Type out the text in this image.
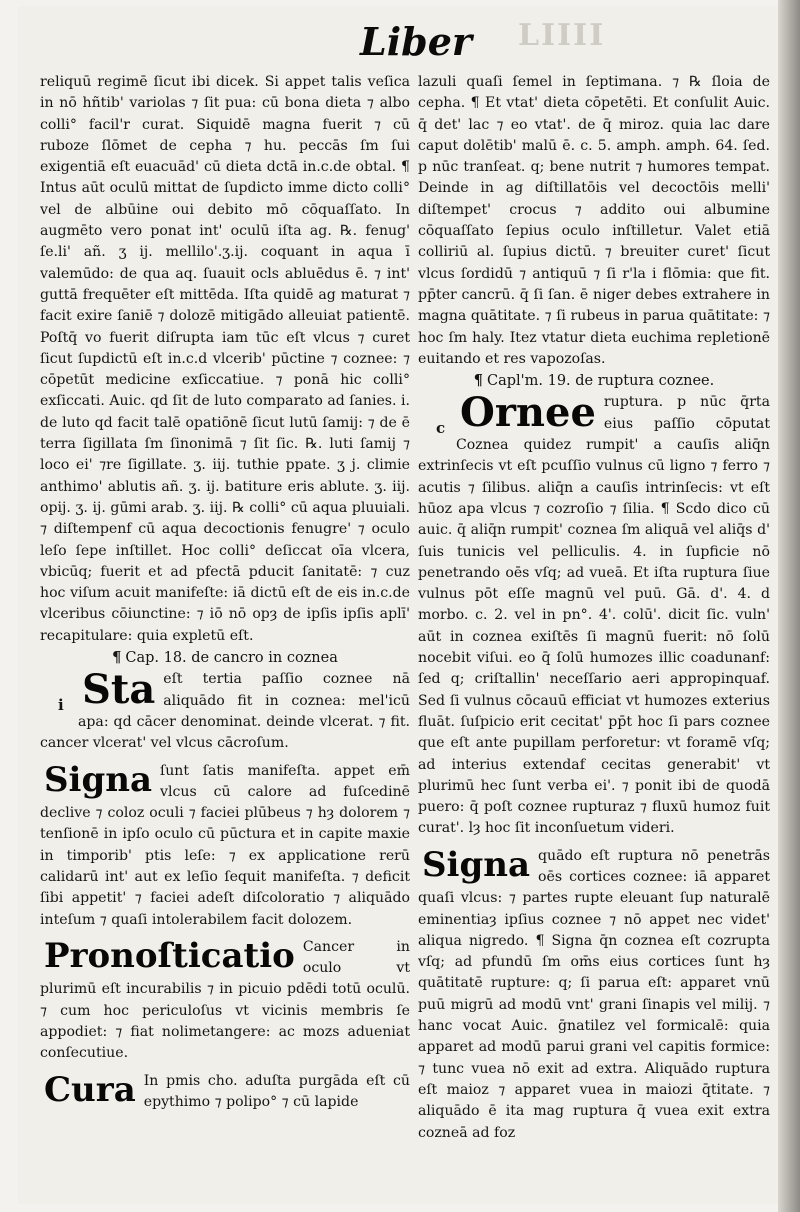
LIIII
Liber

reliquū regimē ſicut ibi dicek. Si appet talis veſica in nō hñtib' variolas ⁊ ſit pua: cū bona dieta ⁊ albo colli° facil'r curat. Siquidē magna fuerit ⁊ cū ruboze ſlōmet de cepha ⁊ hu. peccās ſm ſui exigentiā eſt euacuād' cū dieta dctā in.c.de obtal. ¶ Intus aūt oculū mittat de ſupdicto imme dicto colli° vel de albūine oui debito mō cōquaſſato. In augmēto vero ponat int' oculū iſta ag. ℞. fenug' ſe.li' añ. ʒ ij. mellilo'.ʒ.ij. coquant in aqua ī valemūdo: de qua aq. ſuauit ocls abluēdus ē. ⁊ int' guttā frequēter eſt mittēda. Iſta quidē ag maturat ⁊ facit exire ſaniē ⁊ dolozē mitigādo alleuiat patientē. Poſtq̄ vo fuerit diſrupta iam tūc eſt vlcus ⁊ curet ſicut ſupdictū eſt in.c.d vlcerib' pūctine ⁊ coznee: ⁊ cōpetūt medicine exſiccatiue. ⁊ ponā hic colli° exſiccati. Auic. qd ſit de luto comparato ad ſanies. i. de luto qd facit talē opatiōnē ſicut lutū ſamij: ⁊ de ē terra ſigillata ſm ſinonimā ⁊ ſit ſic. ℞. luti ſamij ⁊ loco ei' ⁊re ſigillate. ʒ. iij. tuthie ppate. ʒ j. climie anthimo' ablutis añ. ʒ. ij. batiture eris ablute. ʒ. iij. opij. ʒ. ij. gūmi arab. ʒ. iij. ℞ colli° cū aqua pluuiali. ⁊ diſtempenf cū aqua decoctionis fenugre' ⁊ oculo leſo ſepe inſtillet. Hoc colli° deſiccat oīa vlcera, vbicūq; fuerit et ad pfectā pducit ſanitatē: ⁊ cuz hoc viſum acuit manifeſte: iā dictū eſt de eis in.c.de vlceribus cōiunctine: ⁊ iō nō opȝ de ipſis ipſis aplī' recapitulare: quia expletū eſt.

¶ Cap. 18. de cancro in coznea

i Sta eſt tertia paſſio coznee nā aliquādo fit in coznea: mel'icū apa: qd cācer denominat. deinde vlcerat. ⁊ fit. cancer vlcerat' vel vlcus cācroſum.

Signa ſunt ſatis manifeſta. appet em̄ vlcus cū calore ad fuſcedinē declive ⁊ coloz oculi ⁊ faciei plūbeus ⁊ hȝ dolorem ⁊ tenſionē in ipſo oculo cū pūctura et in capite maxie in timporib' ptis leſe: ⁊ ex applicatione rerū calidarū int' aut ex leſio ſequit manifeſta. ⁊ deficit ſibi appetit' ⁊ faciei adeſt diſcoloratio ⁊ aliquādo inteſum ⁊ quaſi intolerabilem facit dolozem.

Pronoſticatio Cancer in oculo vt plurimū eſt incurabilis ⁊ in picuio pdēdi totū oculū. ⁊ cum hoc periculoſus vt vicinis membris ſe appodiet: ⁊ fiat nolimetangere: ac mozs adueniat conſecutiue.

Cura In pmis cho. aduſta purgāda eſt cū epythimo ⁊ polipo° ⁊ cū lapide

lazuli quaſi ſemel in ſeptimana. ⁊ ℞ ſloia de cepha. ¶ Et vtat' dieta cōpetēti. Et conſulit Auic. q̄ det' lac ⁊ eo vtat'. de q̄ miroz. quia lac dare caput dolētib' malū ē. c. 5. amph. amph. 64. ſed. p nūc tranſeat. q; bene nutrit ⁊ humores tempat. Deinde in ag diſtillatōis vel decoctōis melli' diſtempet' crocus ⁊ addito oui albumine cōquaſſato ſepius oculo inſtilletur. Valet etiā colliriū al. ſupius dictū. ⁊ breuiter curet' ſicut vlcus ſordidū ⁊ antiquū ⁊ ſi r'la i flōmia: que fit. pp̄ter cancrū. q̄ ſi ſan. ē niger debes extrahere in magna quātitate. ⁊ ſi rubeus in parua quātitate: ⁊ hoc ſm haly. Itez vtatur dieta euchima repletionē euitando et res vapozoſas.

¶ Capl'm. 19. de ruptura coznee.

c Ornee ruptura. p nūc q̄rta eius paſſio cōputat Coznea quidez rumpit' a cauſis aliq̄n extrinſecis vt eſt pcuſſio vulnus cū ligno ⁊ ferro ⁊ acutis ⁊ ſilibus. aliq̄n a cauſis intrinſecis: vt eſt hūoz apa vlcus ⁊ cozroſio ⁊ ſilia. ¶ Scdo dico cū auic. q̄ aliq̄n rumpit' coznea ſm aliquā vel aliq̄s d' ſuis tunicis vel pelliculis. 4. in ſupficie nō penetrando oēs vſq; ad vueā. Et iſta ruptura ſiue vulnus pōt eſſe magnū vel puū. Gā. d'. 4. d morbo. c. 2. vel in pn°. 4'. colū'. dicit ſic. vuln' aūt in coznea exiſtēs ſi magnū fuerit: nō ſolū nocebit viſui. eo q̄ ſolū humozes illic coadunanf: ſed q; criſtallin' neceſſario aeri appropinquaf. Sed ſi vulnus cōcauū efficiat vt humozes exterius fluāt. ſuſpicio erit cecitat' pp̄t hoc ſi pars coznee que eſt ante pupillam perforetur: vt foramē vſq; ad interius extendaf cecitas generabit' vt plurimū hec ſunt verba ei'. ⁊ ponit ibi de quodā puero: q̄ poſt coznee rupturaz ⁊ fluxū humoz fuit curat'. lȝ hoc ſit inconſuetum videri.

Signa quādo eſt ruptura nō penetrās oēs cortices coznee: iā apparet quaſi vlcus: ⁊ partes rupte eleuant ſup naturalē eminentiaȝ ipſius coznee ⁊ nō appet nec videt' aliqua nigredo. ¶ Signa q̄n coznea eſt cozrupta vſq; ad pfundū ſm om̄s eius cortices ſunt hȝ quātitatē rupture: q; ſi parua eſt: apparet vnū puū migrū ad modū vnt' grani ſinapis vel milij. ⁊ hanc vocat Auic. ḡnatilez vel formicalē: quia apparet ad modū parui grani vel capitis formice: ⁊ tunc vuea nō exit ad extra. Aliquādo ruptura eſt maioz ⁊ apparet vuea in maiozi q̄titate. ⁊ aliquādo ē ita mag ruptura q̄ vuea exit extra cozneā ad foz
